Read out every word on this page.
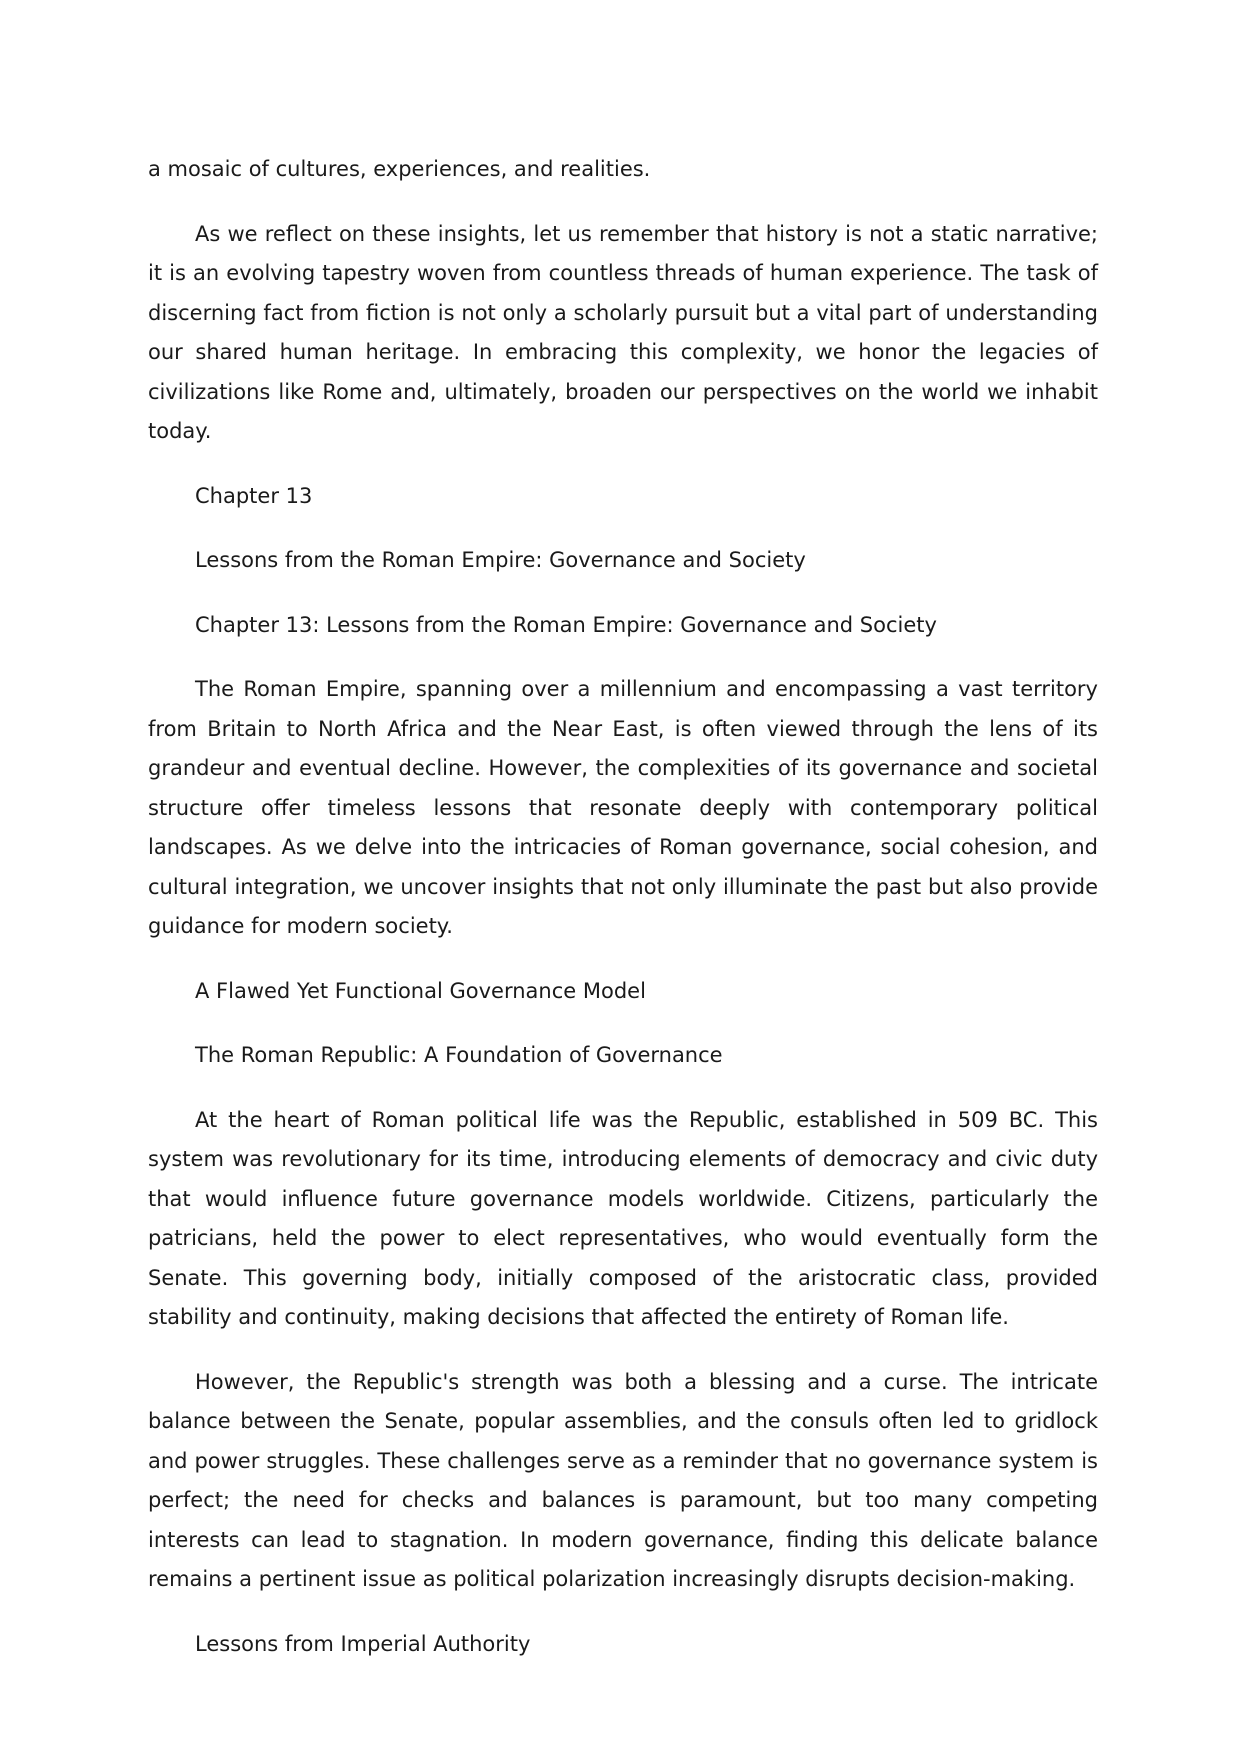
a mosaic of cultures, experiences, and realities.

As we reflect on these insights, let us remember that history is not a static narrative; it is an evolving tapestry woven from countless threads of human experience. The task of discerning fact from fiction is not only a scholarly pursuit but a vital part of understanding our shared human heritage. In embracing this complexity, we honor the legacies of civilizations like Rome and, ultimately, broaden our perspectives on the world we inhabit today.

Chapter 13

Lessons from the Roman Empire: Governance and Society

Chapter 13: Lessons from the Roman Empire: Governance and Society

The Roman Empire, spanning over a millennium and encompassing a vast territory from Britain to North Africa and the Near East, is often viewed through the lens of its grandeur and eventual decline. However, the complexities of its governance and societal structure offer timeless lessons that resonate deeply with contemporary political landscapes. As we delve into the intricacies of Roman governance, social cohesion, and cultural integration, we uncover insights that not only illuminate the past but also provide guidance for modern society.

A Flawed Yet Functional Governance Model

The Roman Republic: A Foundation of Governance

At the heart of Roman political life was the Republic, established in 509 BC. This system was revolutionary for its time, introducing elements of democracy and civic duty that would influence future governance models worldwide. Citizens, particularly the patricians, held the power to elect representatives, who would eventually form the Senate. This governing body, initially composed of the aristocratic class, provided stability and continuity, making decisions that affected the entirety of Roman life.

However, the Republic's strength was both a blessing and a curse. The intricate balance between the Senate, popular assemblies, and the consuls often led to gridlock and power struggles. These challenges serve as a reminder that no governance system is perfect; the need for checks and balances is paramount, but too many competing interests can lead to stagnation. In modern governance, finding this delicate balance remains a pertinent issue as political polarization increasingly disrupts decision-making.

Lessons from Imperial Authority
